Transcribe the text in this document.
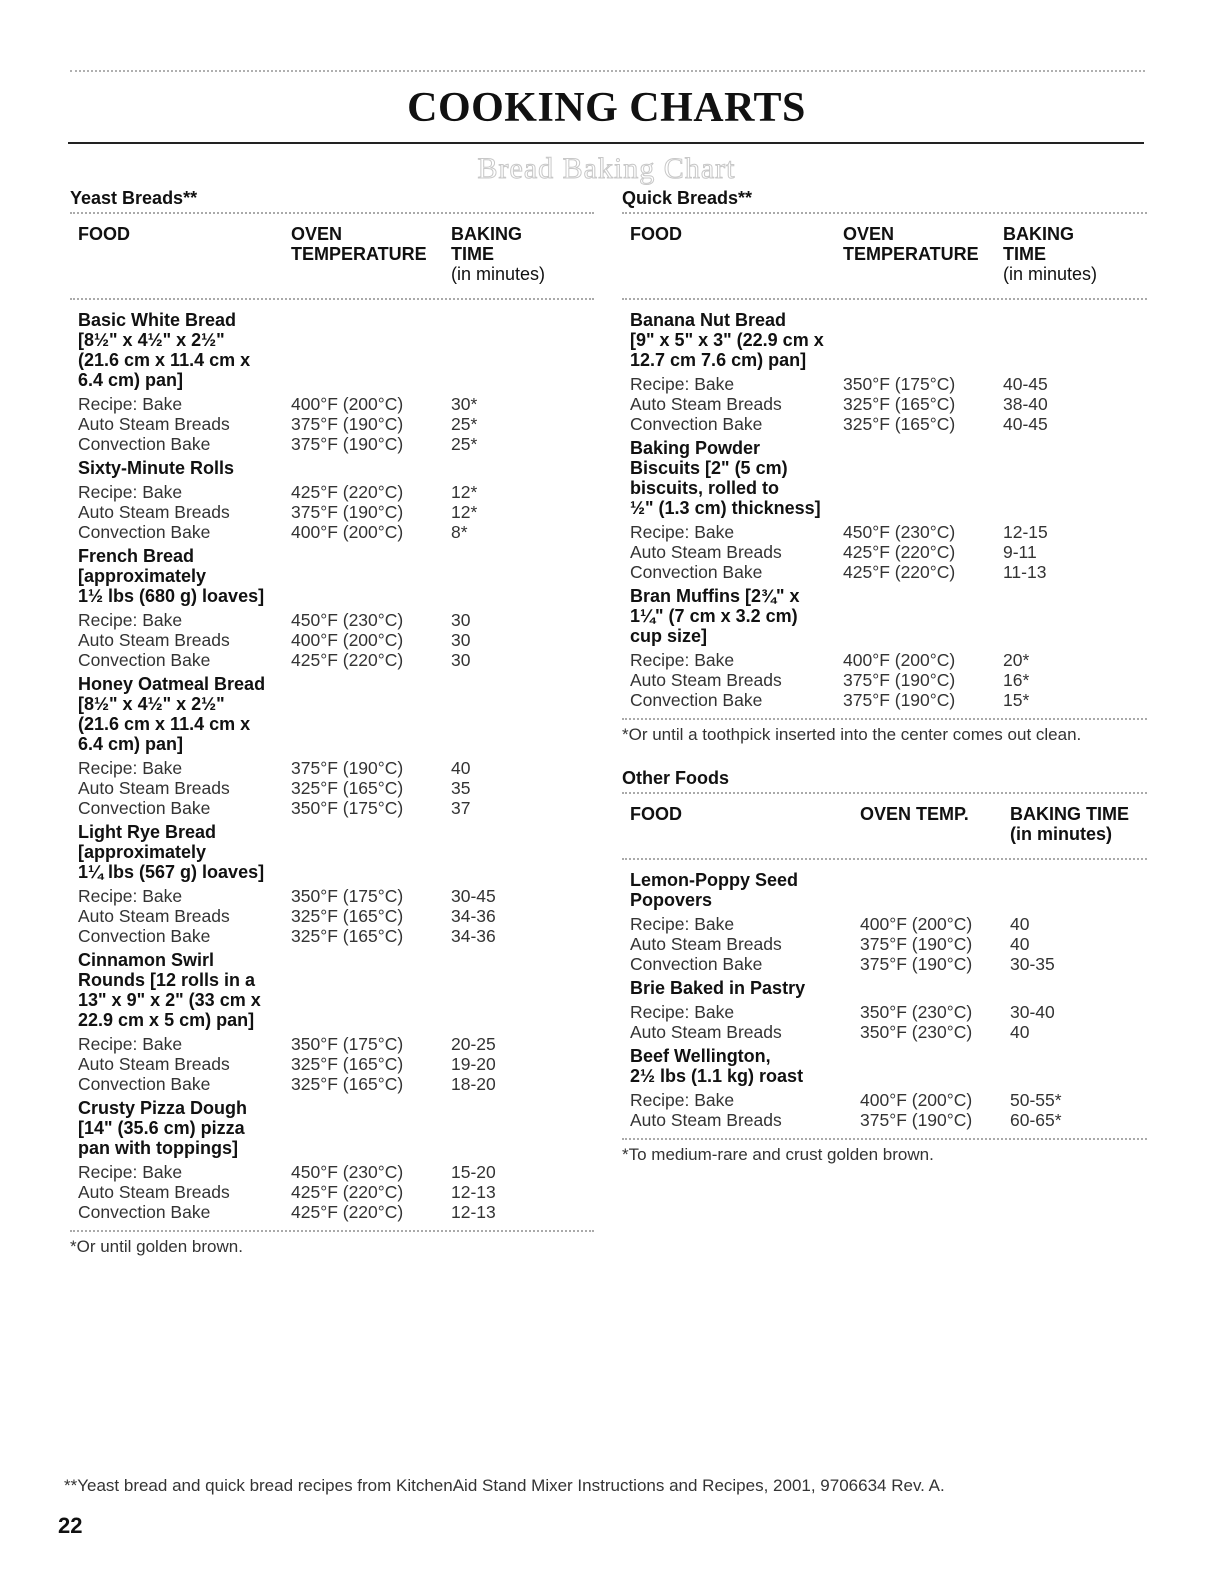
COOKING CHARTS
Bread Baking Chart
Yeast Breads**
FOOD	OVEN
TEMPERATURE
BAKING
TIME
(in minutes)
Basic White Bread
[8½" x 4½" x 2½"
(21.6 cm x 11.4 cm x
6.4 cm) pan]
Recipe: Bake	400°F (200°C)	30*
Auto Steam Breads	375°F (190°C)	25*
Convection Bake	375°F (190°C)	25*
Sixty-Minute Rolls
Recipe: Bake	425°F (220°C)	12*
Auto Steam Breads	375°F (190°C)	12*
Convection Bake	400°F (200°C)	8*
French Bread
[approximately
1½ lbs (680 g) loaves]
Recipe: Bake	450°F (230°C)	30
Auto Steam Breads	400°F (200°C)	30
Convection Bake	425°F (220°C)	30
Honey Oatmeal Bread
[8½" x 4½" x 2½"
(21.6 cm x 11.4 cm x
6.4 cm) pan]
Recipe: Bake	375°F (190°C)	40
Auto Steam Breads	325°F (165°C)	35
Convection Bake	350°F (175°C)	37
Light Rye Bread
[approximately
1¼ lbs (567 g) loaves]
Recipe: Bake	350°F (175°C)	30-45
Auto Steam Breads	325°F (165°C)	34-36
Convection Bake	325°F (165°C)	34-36
Cinnamon Swirl
Rounds [12 rolls in a
13" x 9" x 2" (33 cm x
22.9 cm x 5 cm) pan]
Recipe: Bake	350°F (175°C)	20-25
Auto Steam Breads	325°F (165°C)	19-20
Convection Bake	325°F (165°C)	18-20
Crusty Pizza Dough
[14" (35.6 cm) pizza
pan with toppings]
Recipe: Bake	450°F (230°C)	15-20
Auto Steam Breads	425°F (220°C)	12-13
Convection Bake	425°F (220°C)	12-13
*Or until golden brown.
Quick Breads**
FOOD	OVEN
TEMPERATURE
BAKING
TIME
(in minutes)
Banana Nut Bread
[9" x 5" x 3" (22.9 cm x
12.7 cm 7.6 cm) pan]
Recipe: Bake	350°F (175°C)	40-45
Auto Steam Breads	325°F (165°C)	38-40
Convection Bake	325°F (165°C)	40-45
Baking Powder
Biscuits [2" (5 cm)
biscuits, rolled to
½" (1.3 cm) thickness]
Recipe: Bake	450°F (230°C)	12-15
Auto Steam Breads	425°F (220°C)	9-11
Convection Bake	425°F (220°C)	11-13
Bran Muffins [2¾" x
1¼" (7 cm x 3.2 cm)
cup size]
Recipe: Bake	400°F (200°C)	20*
Auto Steam Breads	375°F (190°C)	16*
Convection Bake	375°F (190°C)	15*
*Or until a toothpick inserted into the center comes out clean.
Other Foods
FOOD	OVEN TEMP.	BAKING TIME
(in minutes)
Lemon-Poppy Seed
Popovers
Recipe: Bake	400°F (200°C)	40
Auto Steam Breads	375°F (190°C)	40
Convection Bake	375°F (190°C)	30-35
Brie Baked in Pastry
Recipe: Bake	350°F (230°C)	30-40
Auto Steam Breads	350°F (230°C)	40
Beef Wellington,
2½ lbs (1.1 kg) roast
Recipe: Bake	400°F (200°C)	50-55*
Auto Steam Breads	375°F (190°C)	60-65*
*To medium-rare and crust golden brown.
**Yeast bread and quick bread recipes from KitchenAid Stand Mixer Instructions and Recipes, 2001, 9706634 Rev. A.
22
